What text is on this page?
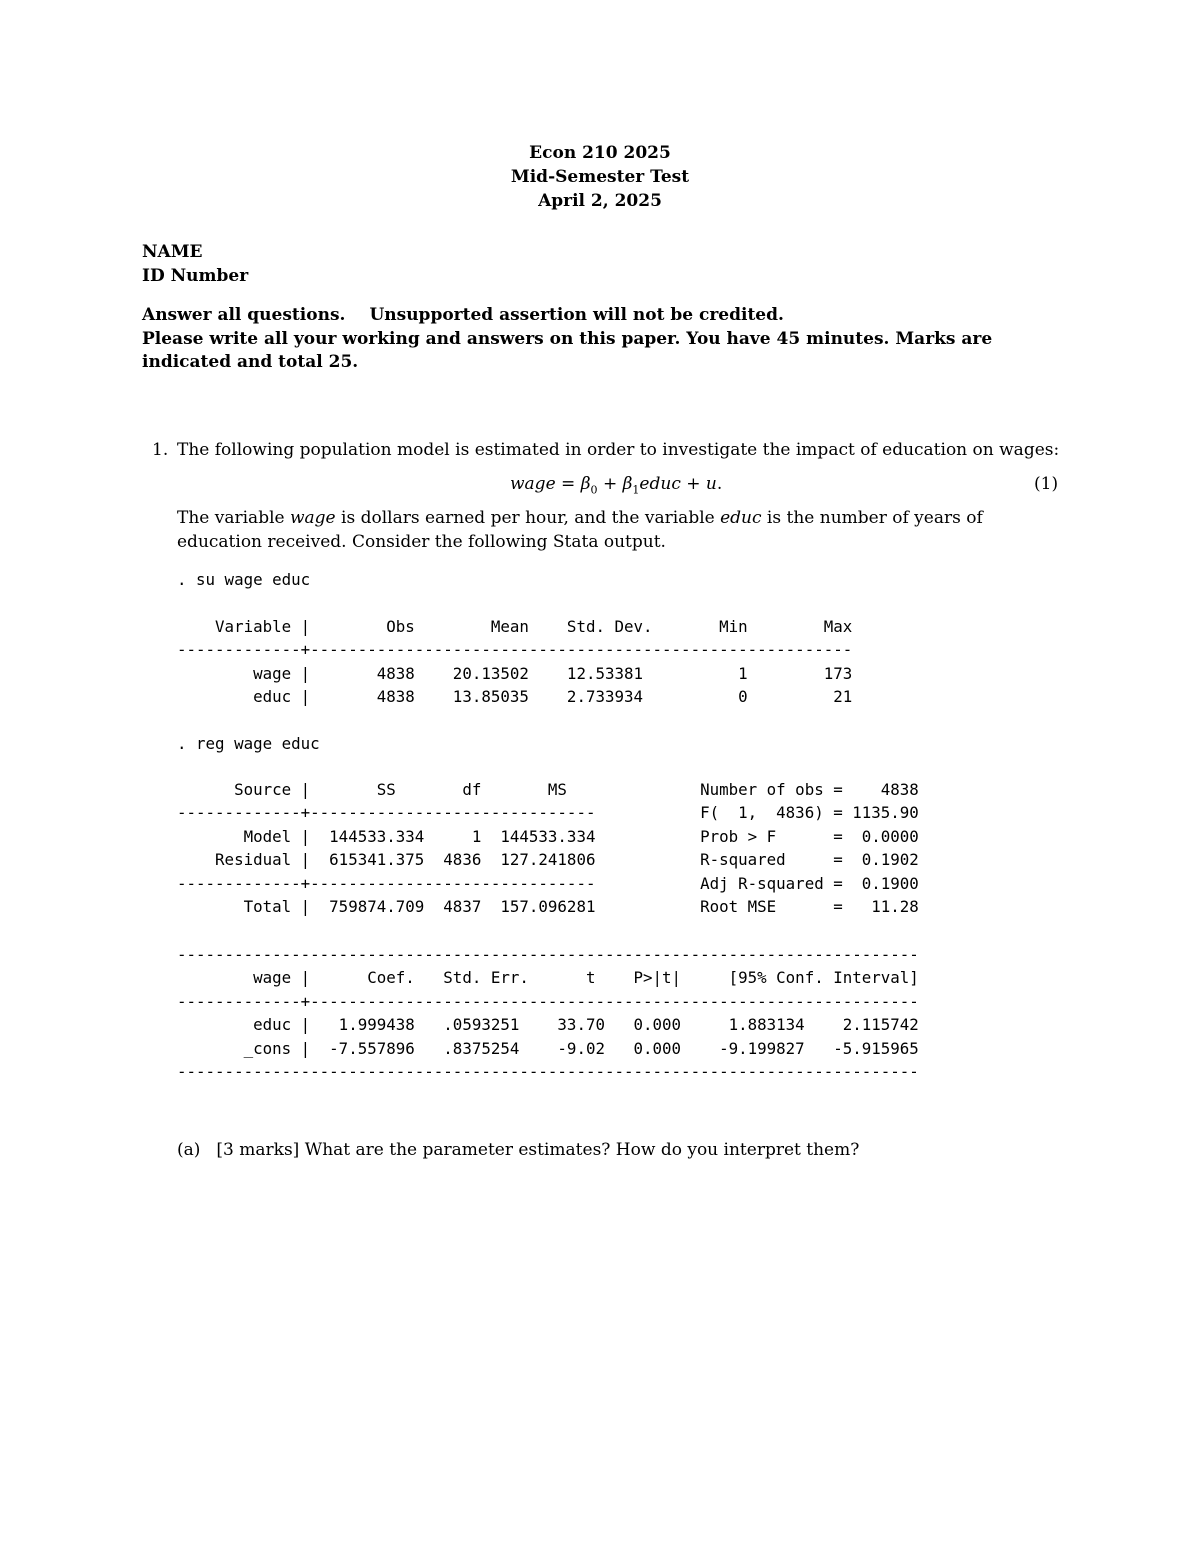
Econ 210 2025
Mid-Semester Test
April 2, 2025
NAME
ID Number
Answer all questions. Unsupported assertion will not be credited.
Please write all your working and answers on this paper. You have 45 minutes. Marks are indicated and total 25.
1. The following population model is estimated in order to investigate the impact of education on wages:
wage = $\beta_0$ + $\beta_1educ + u$.	(1)
The variable wage is dollars earned per hour, and the variable educ is the number of years of education received. Consider the following Stata output.
. su wage educ
Variable |        Obs        Mean    Std. Dev.       Min        Max
-------------+---------------------------------------------------------
wage |       4838    20.13502    12.53381          1        173
educ |       4838    13.85035    2.733934          0         21
. reg wage educ
Source |       SS       df       MS              Number of obs =    4838
-------------+------------------------------           F(  1,  4836) = 1135.90
Model |  144533.334     1  144533.334           Prob > F      =  0.0000
Residual |  615341.375  4836  127.241806           R-squared     =  0.1902
-------------+------------------------------           Adj R-squared =  0.1900
Total |  759874.709  4837  157.096281           Root MSE      =   11.28
------------------------------------------------------------------------------
wage |      Coef.   Std. Err.      t    P>|t|     [95% Conf. Interval]
-------------+----------------------------------------------------------------
educ |   1.999438   .0593251    33.70   0.000     1.883134    2.115742
_cons |  -7.557896   .8375254    -9.02   0.000    -9.199827   -5.915965
------------------------------------------------------------------------------
(a) [3 marks] What are the parameter estimates? How do you interpret them?
